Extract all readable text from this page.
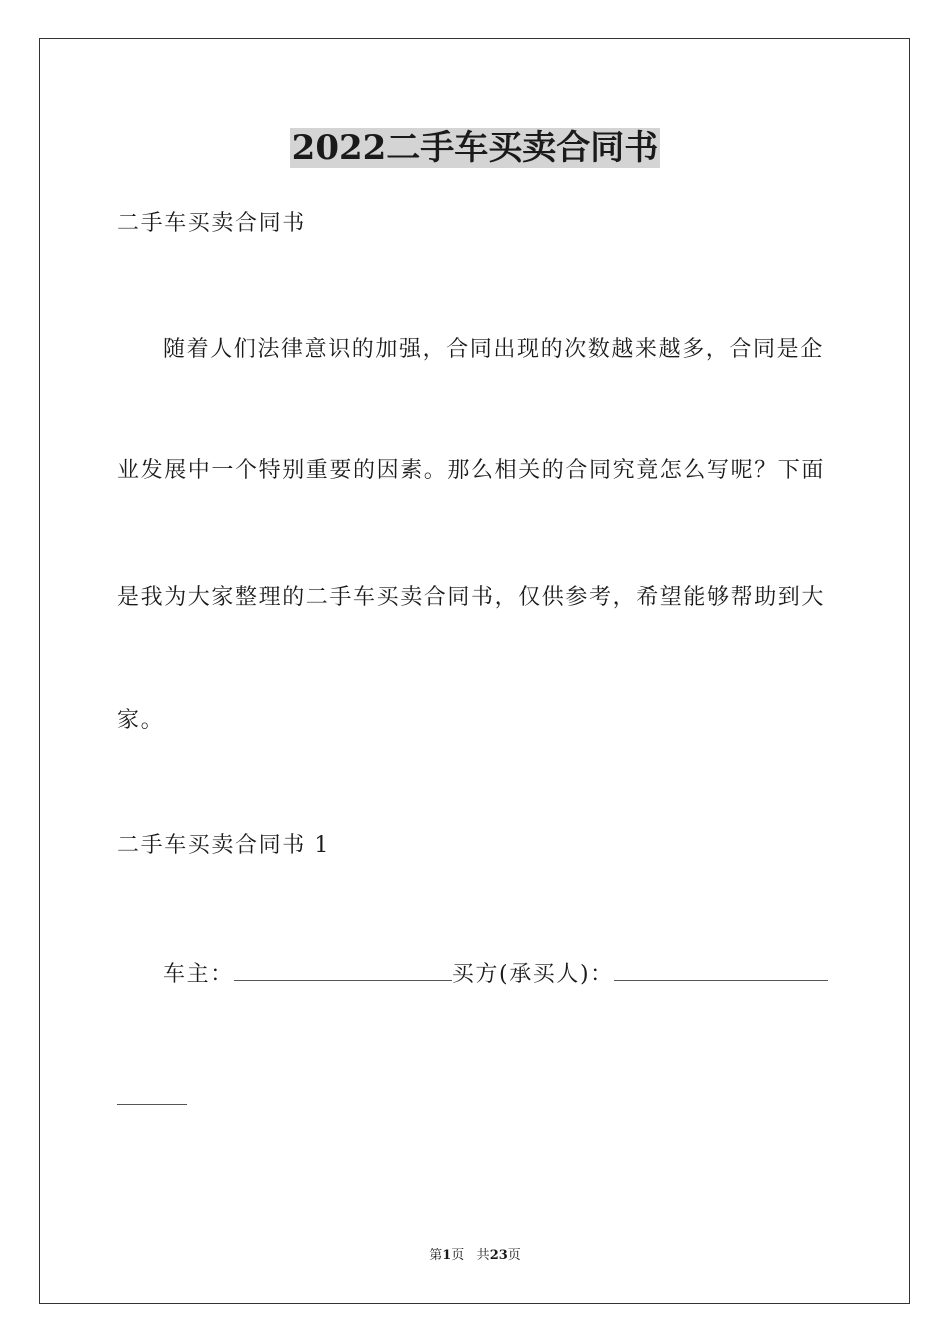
2022二手车买卖合同书
二手车买卖合同书
随着人们法律意识的加强，合同出现的次数越来越多，合同是企
业发展中一个特别重要的因素。那么相关的合同究竟怎么写呢？下面
是我为大家整理的二手车买卖合同书，仅供参考，希望能够帮助到大
家。
二手车买卖合同书 1
车主：	买方(承买人)：
第1页 共23页
